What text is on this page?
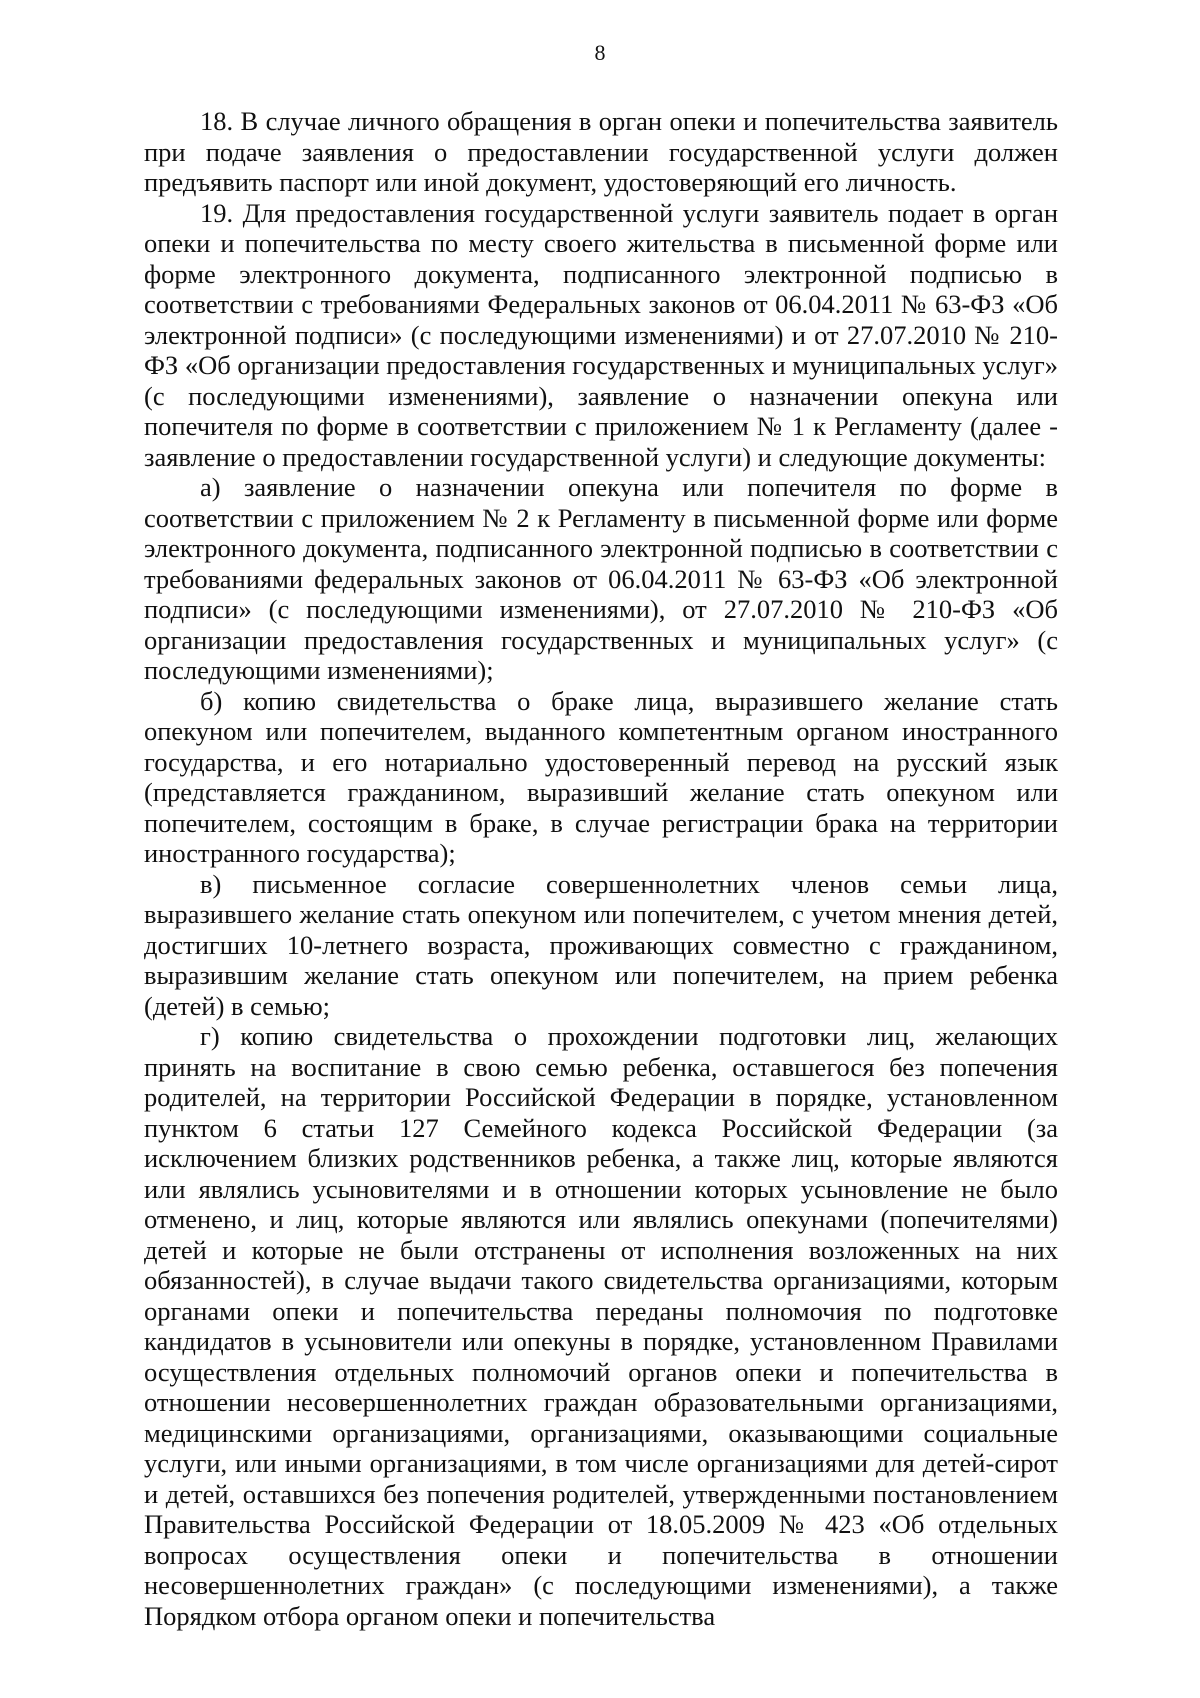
8

18. В случае личного обращения в орган опеки и попечительства заявитель при подаче заявления о предоставлении государственной услуги должен предъявить паспорт или иной документ, удостоверяющий его личность.

19. Для предоставления государственной услуги заявитель подает в орган опеки и попечительства по месту своего жительства в письменной форме или форме электронного документа, подписанного электронной подписью в соответствии с требованиями Федеральных законов от 06.04.2011 № 63-ФЗ «Об электронной подписи» (с последующими изменениями) и от 27.07.2010 № 210-ФЗ «Об организации предоставления государственных и муниципальных услуг» (с последующими изменениями), заявление о назначении опекуна или попечителя по форме в соответствии с приложением № 1 к Регламенту (далее - заявление о предоставлении государственной услуги) и следующие документы:

а) заявление о назначении опекуна или попечителя по форме в соответствии с приложением № 2 к Регламенту в письменной форме или форме электронного документа, подписанного электронной подписью в соответствии с требованиями федеральных законов от 06.04.2011 № 63-ФЗ «Об электронной подписи» (с последующими изменениями), от 27.07.2010 № 210-ФЗ «Об организации предоставления государственных и муниципальных услуг» (с последующими изменениями);

б) копию свидетельства о браке лица, выразившего желание стать опекуном или попечителем, выданного компетентным органом иностранного государства, и его нотариально удостоверенный перевод на русский язык (представляется гражданином, выразивший желание стать опекуном или попечителем, состоящим в браке, в случае регистрации брака на территории иностранного государства);

в) письменное согласие совершеннолетних членов семьи лица, выразившего желание стать опекуном или попечителем, с учетом мнения детей, достигших 10-летнего возраста, проживающих совместно с гражданином, выразившим желание стать опекуном или попечителем, на прием ребенка (детей) в семью;

г) копию свидетельства о прохождении подготовки лиц, желающих принять на воспитание в свою семью ребенка, оставшегося без попечения родителей, на территории Российской Федерации в порядке, установленном пунктом 6 статьи 127 Семейного кодекса Российской Федерации (за исключением близких родственников ребенка, а также лиц, которые являются или являлись усыновителями и в отношении которых усыновление не было отменено, и лиц, которые являются или являлись опекунами (попечителями) детей и которые не были отстранены от исполнения возложенных на них обязанностей), в случае выдачи такого свидетельства организациями, которым органами опеки и попечительства переданы полномочия по подготовке кандидатов в усыновители или опекуны в порядке, установленном Правилами осуществления отдельных полномочий органов опеки и попечительства в отношении несовершеннолетних граждан образовательными организациями, медицинскими организациями, организациями, оказывающими социальные услуги, или иными организациями, в том числе организациями для детей-сирот и детей, оставшихся без попечения родителей, утвержденными постановлением Правительства Российской Федерации от 18.05.2009 № 423 «Об отдельных вопросах осуществления опеки и попечительства в отношении несовершеннолетних граждан» (с последующими изменениями), а также Порядком отбора органом опеки и попечительства
